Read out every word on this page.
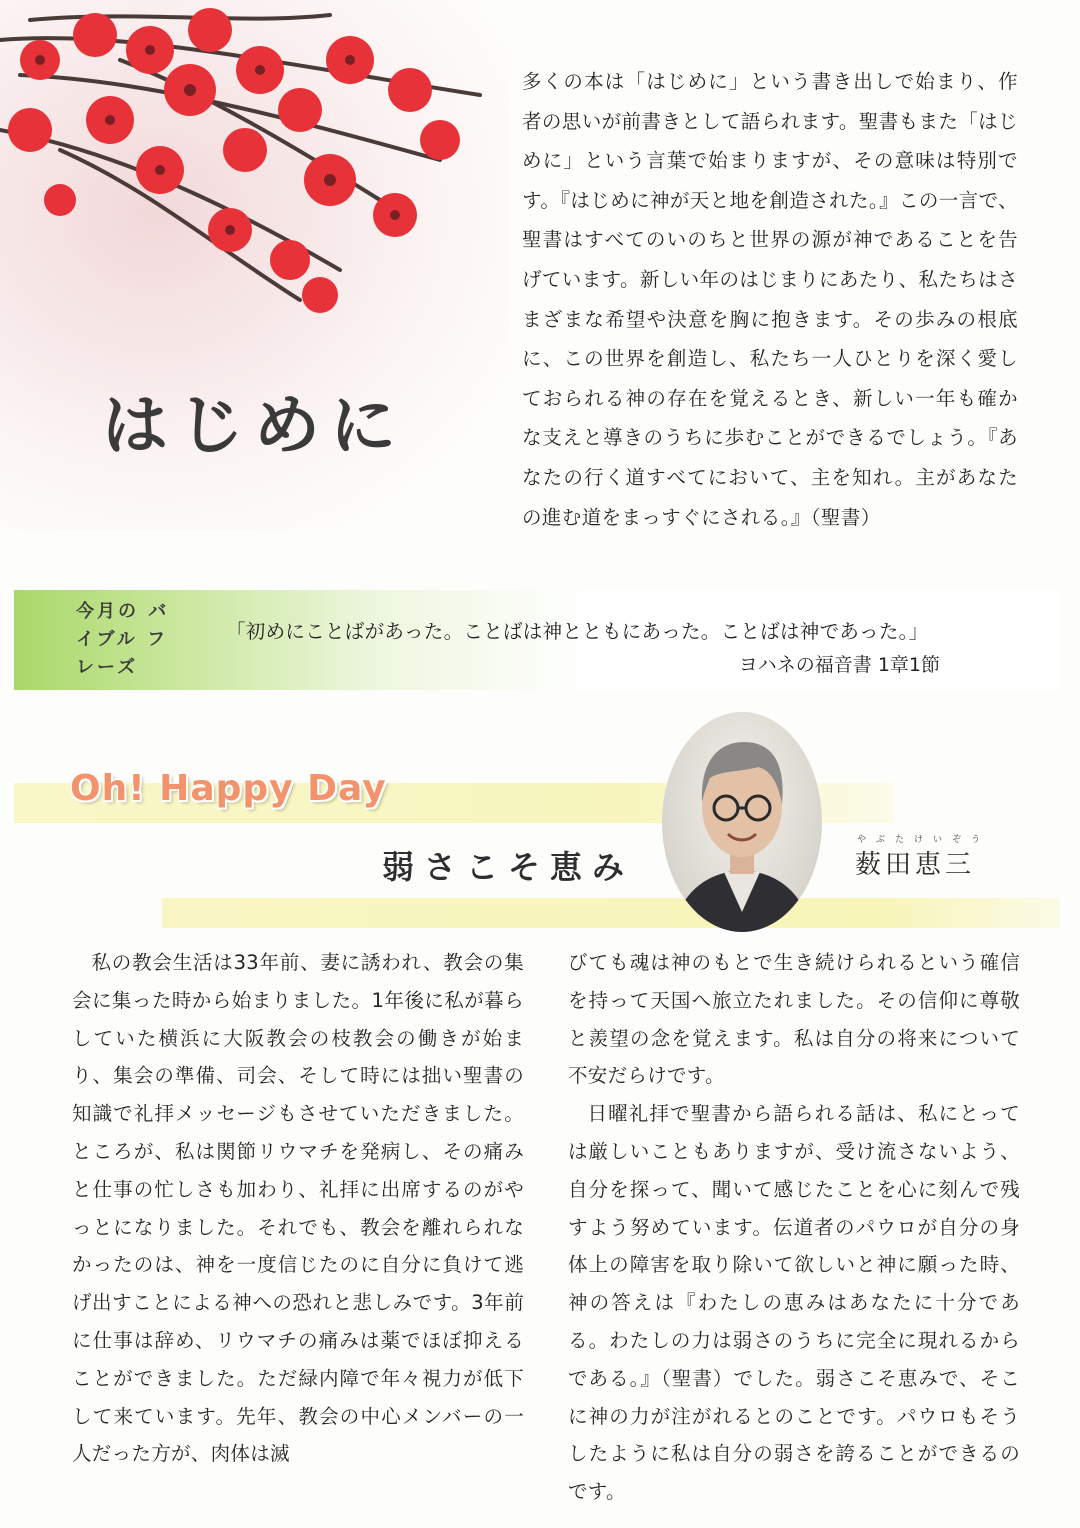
はじめに
多くの本は「はじめに」という書き出しで始まり、作者の思いが前書きとして語られます。聖書もまた「はじめに」という言葉で始まりますが、その意味は特別です。『はじめに神が天と地を創造された。』この一言で、聖書はすべてのいのちと世界の源が神であることを告げています。新しい年のはじまりにあたり、私たちはさまざまな希望や決意を胸に抱きます。その歩みの根底に、この世界を創造し、私たち一人ひとりを深く愛しておられる神の存在を覚えるとき、新しい一年も確かな支えと導きのうちに歩むことができるでしょう。『あなたの行く道すべてにおいて、主を知れ。主があなたの進む道をまっすぐにされる。』（聖書）
今月の バイブル フレーズ
「初めにことばがあった。ことばは神とともにあった。ことばは神であった。」
ヨハネの福音書 1章1節
Oh! Happy Day
弱さこそ恵み
やぶたけいぞう
薮田恵三

私の教会生活は33年前、妻に誘われ、教会の集会に集った時から始まりました。1年後に私が暮らしていた横浜に大阪教会の枝教会の働きが始まり、集会の準備、司会、そして時には拙い聖書の知識で礼拝メッセージもさせていただきました。ところが、私は関節リウマチを発病し、その痛みと仕事の忙しさも加わり、礼拝に出席するのがやっとになりました。それでも、教会を離れられなかったのは、神を一度信じたのに自分に負けて逃げ出すことによる神への恐れと悲しみです。3年前に仕事は辞め、リウマチの痛みは薬でほぼ抑えることができました。ただ緑内障で年々視力が低下して来ています。先年、教会の中心メンバーの一人だった方が、肉体は滅

びても魂は神のもとで生き続けられるという確信を持って天国へ旅立たれました。その信仰に尊敬と羨望の念を覚えます。私は自分の将来について不安だらけです。

日曜礼拝で聖書から語られる話は、私にとっては厳しいこともありますが、受け流さないよう、自分を探って、聞いて感じたことを心に刻んで残すよう努めています。伝道者のパウロが自分の身体上の障害を取り除いて欲しいと神に願った時、神の答えは『わたしの恵みはあなたに十分である。わたしの力は弱さのうちに完全に現れるからである。』（聖書）でした。弱さこそ恵みで、そこに神の力が注がれるとのことです。パウロもそうしたように私は自分の弱さを誇ることができるのです。
